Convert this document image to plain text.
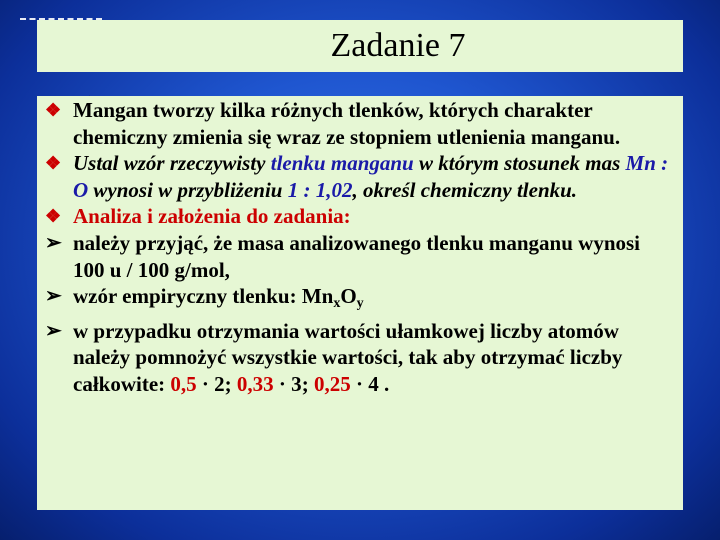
Zadanie 7
❖ Mangan tworzy kilka różnych tlenków, których charakter chemiczny zmienia się wraz ze stopniem utlenienia manganu.
❖ Ustal wzór rzeczywisty tlenku manganu w którym stosunek mas Mn : O wynosi w przybliżeniu 1 : 1,02, określ chemiczny tlenku.
❖ Analiza i założenia do zadania:
➢ należy przyjąć, że masa analizowanego tlenku manganu wynosi 100 u / 100 g/mol,
➢ wzór empiryczny tlenku: $Mn_xO_y$
➢ w przypadku otrzymania wartości ułamkowej liczby atomów należy pomnożyć wszystkie wartości, tak aby otrzymać liczby całkowite: 0,5 · 2; 0,33 · 3; 0,25 · 4 .
